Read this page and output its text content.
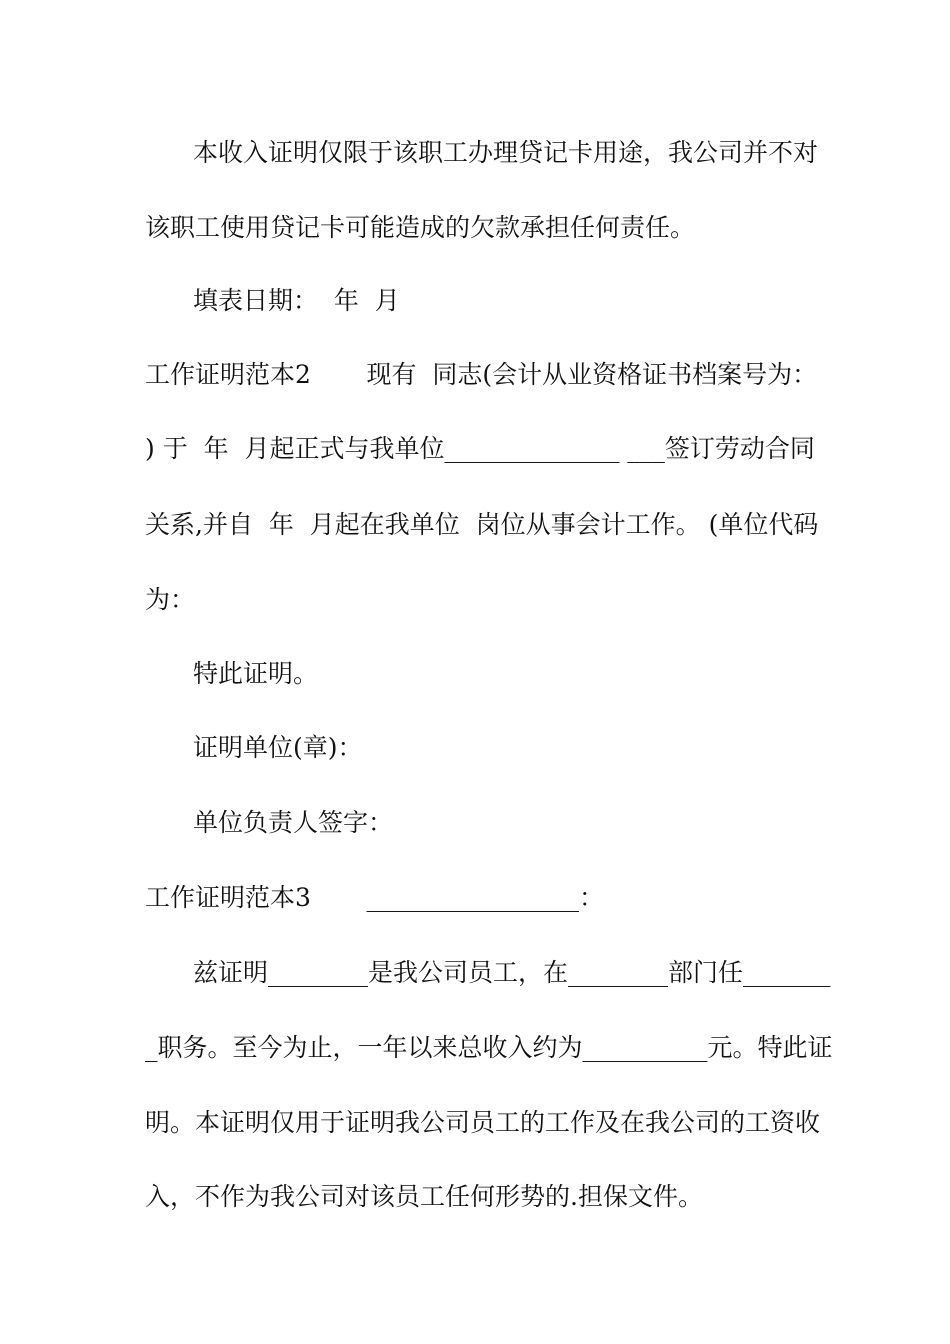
本收入证明仅限于该职工办理贷记卡用途，我公司并不对
该职工使用贷记卡可能造成的欠款承担任何责任。
填表日期：  年  月
工作证明范本2       现有  同志(会计从业资格证书档案号为：
) 于  年  月起正式与我单位______________ ___签订劳动合同
关系,并自  年  月起在我单位  岗位从事会计工作。 (单位代码
为：
特此证明。
证明单位(章)：
单位负责人签字：
工作证明范本3       _________________：
兹证明________是我公司员工，在________部门任_______
_职务。至今为止，一年以来总收入约为__________元。特此证
明。本证明仅用于证明我公司员工的工作及在我公司的工资收
入，不作为我公司对该员工任何形势的.担保文件。
